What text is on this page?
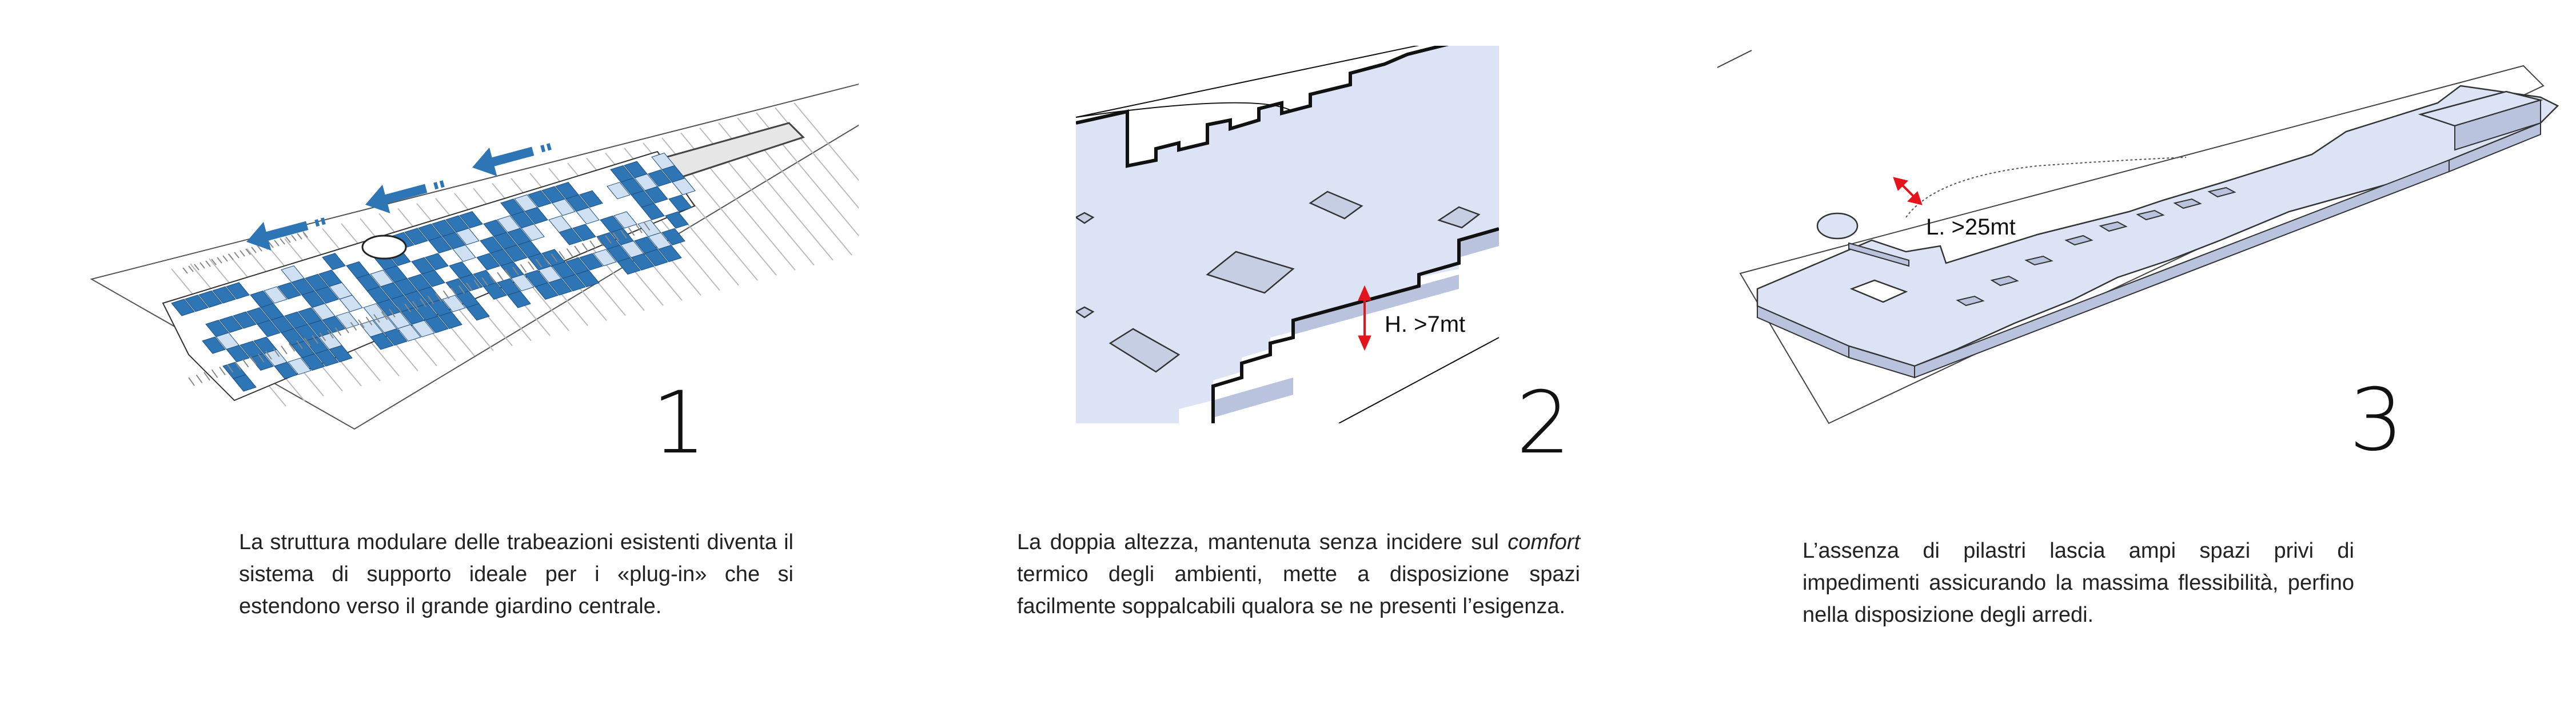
1

La struttura modulare delle trabeazioni esistenti diventa il sistema di supporto ideale per i «plug-in» che si estendono verso il grande giardino centrale.

H. >7mt
2

La doppia altezza, mantenuta senza incidere sul comfort termico degli ambienti, mette a disposizione spazi facilmente soppalcabili qualora se ne presenti l’esigenza.

L. >25mt
3

L’assenza di pilastri lascia ampi spazi privi di impedimenti assicurando la massima flessibilità, perfino nella disposizione degli arredi.
